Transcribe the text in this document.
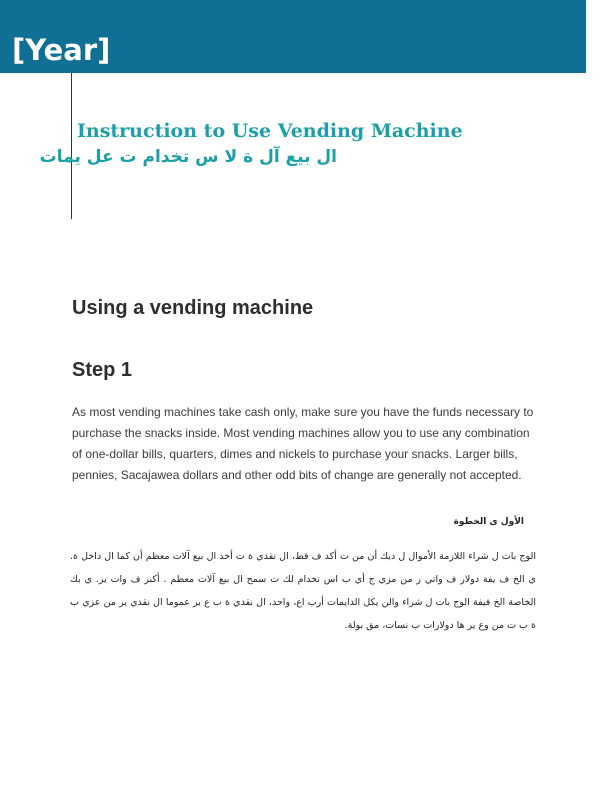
[Year]
Instruction to Use Vending Machine
ال بيع آل ة لا س تخدام ت عل يمات
Using a vending machine
Step 1
As most vending machines take cash only, make sure you have the funds necessary to purchase the snacks inside. Most vending machines allow you to use any combination of one-dollar bills, quarters, dimes and nickels to purchase your snacks. Larger bills, pennies, Sacajawea dollars and other odd bits of change are generally not accepted.
الأول ى الخطوة
الوج بات ل شراء اللازمة الأموال ل ديك أن من ت أكد ف قط، ال نقدي ة ت أخذ ال بيع آلات معظم أن كما ال داخل ة. ي الخ ف يفة دولار ف واتي ر من مزي ج أي ب اس تخدام لك ت سمح ال بيع آلات معظم . أكبر ف وات ير. ي بك الخاصة الخ فيفة الوج بات ل شراء والن يكل الدايمات أرب اع، واحد، ال نقدي ة ب ع ير عموما ال نقدي ير من عزي ب ة ب ت من وع ير ها دولارات ب نسات، مق بولة.
